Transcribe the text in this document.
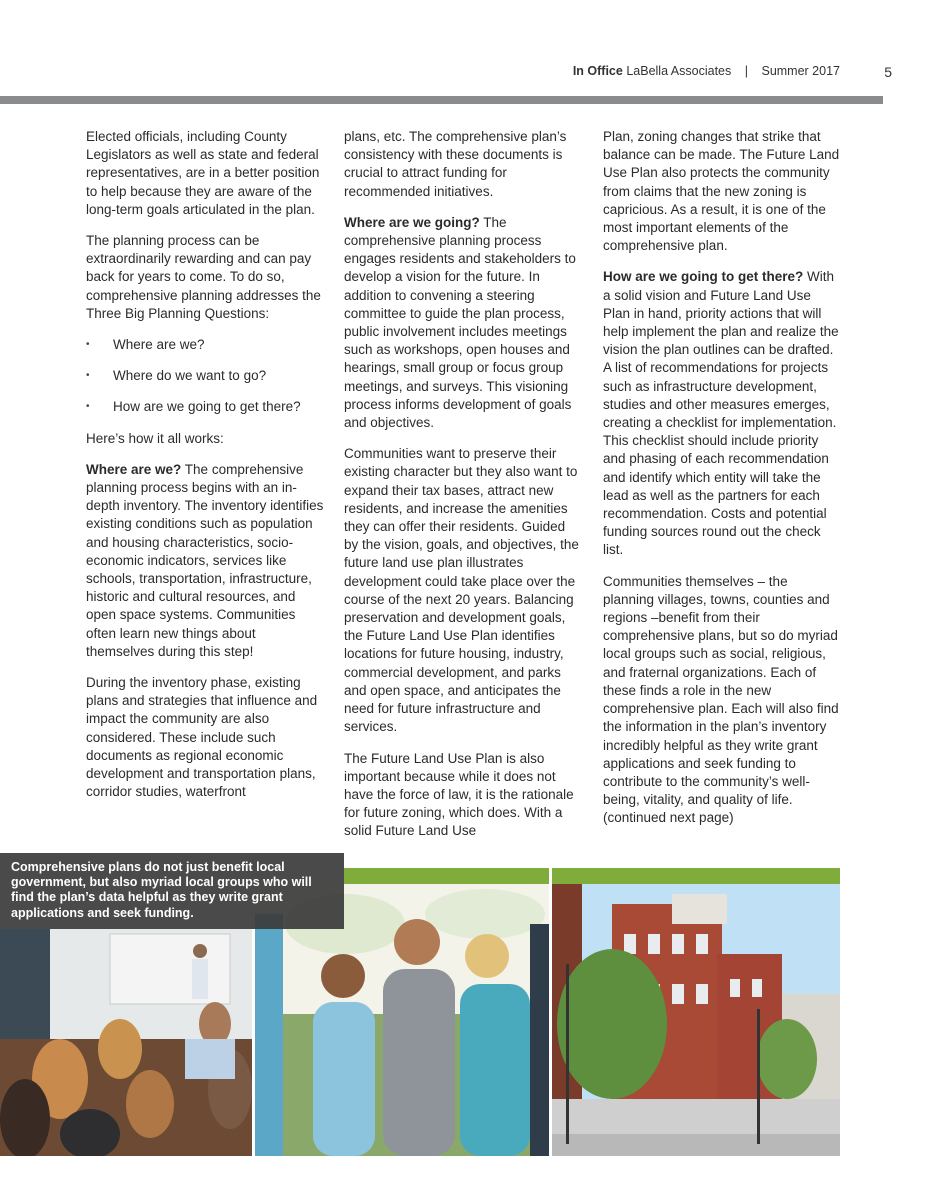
In Office LaBella Associates | Summer 2017	5

Elected officials, including County Legislators as well as state and federal representatives, are in a better position to help because they are aware of the long-term goals articulated in the plan.

The planning process can be extraordinarily rewarding and can pay back for years to come. To do so, comprehensive planning addresses the Three Big Planning Questions:

• Where are we?
• Where do we want to go?
• How are we going to get there?

Here’s how it all works:

Where are we? The comprehensive planning process begins with an in-depth inventory. The inventory identifies existing conditions such as population and housing characteristics, socio-economic indicators, services like schools, transportation, infrastructure, historic and cultural resources, and open space systems. Communities often learn new things about themselves during this step!

During the inventory phase, existing plans and strategies that influence and impact the community are also considered. These include such documents as regional economic development and transportation plans, corridor studies, waterfront

plans, etc. The comprehensive plan’s consistency with these documents is crucial to attract funding for recommended initiatives.

Where are we going? The comprehensive planning process engages residents and stakeholders to develop a vision for the future. In addition to convening a steering committee to guide the plan process, public involvement includes meetings such as workshops, open houses and hearings, small group or focus group meetings, and surveys. This visioning process informs development of goals and objectives.

Communities want to preserve their existing character but they also want to expand their tax bases, attract new residents, and increase the amenities they can offer their residents. Guided by the vision, goals, and objectives, the future land use plan illustrates development could take place over the course of the next 20 years. Balancing preservation and development goals, the Future Land Use Plan identifies locations for future housing, industry, commercial development, and parks and open space, and anticipates the need for future infrastructure and services.

The Future Land Use Plan is also important because while it does not have the force of law, it is the rationale for future zoning, which does. With a solid Future Land Use

Plan, zoning changes that strike that balance can be made. The Future Land Use Plan also protects the community from claims that the new zoning is capricious. As a result, it is one of the most important elements of the comprehensive plan.

How are we going to get there? With a solid vision and Future Land Use Plan in hand, priority actions that will help implement the plan and realize the vision the plan outlines can be drafted. A list of recommendations for projects such as infrastructure development, studies and other measures emerges, creating a checklist for implementation. This checklist should include priority and phasing of each recommendation and identify which entity will take the lead as well as the partners for each recommendation. Costs and potential funding sources round out the check list.

Communities themselves – the planning villages, towns, counties and regions –benefit from their comprehensive plans, but so do myriad local groups such as social, religious, and fraternal organizations. Each of these finds a role in the new comprehensive plan. Each will also find the information in the plan’s inventory incredibly helpful as they write grant applications and seek funding to contribute to the community’s well-being, vitality, and quality of life. (continued next page)

Comprehensive plans do not just benefit local government, but also myriad local groups who will find the plan’s data helpful as they write grant applications and seek funding.
